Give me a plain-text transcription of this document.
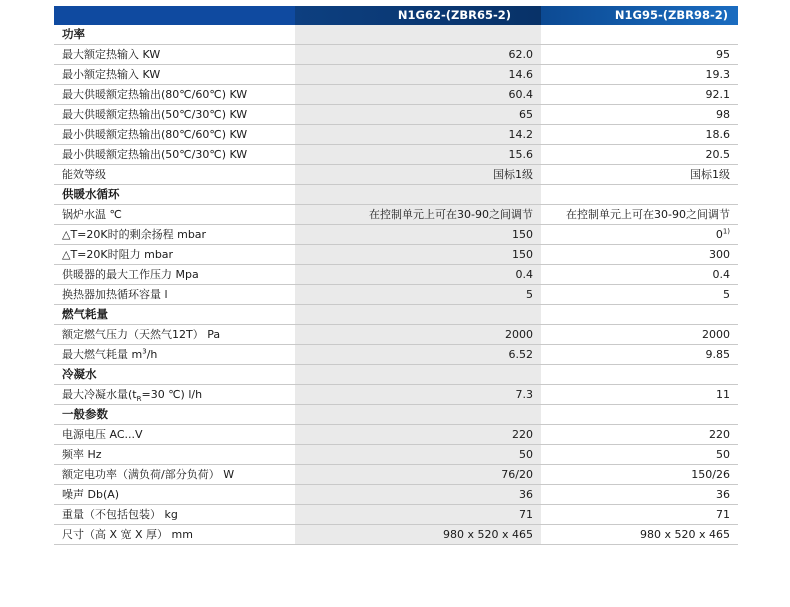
	N1G62-(ZBR65-2)	N1G95-(ZBR98-2)
功率		
最大额定热输入 KW	62.0	95
最小额定热输入 KW	14.6	19.3
最大供暖额定热输出(80℃/60℃) KW	60.4	92.1
最大供暖额定热输出(50℃/30℃) KW	65	98
最小供暖额定热输出(80℃/60℃) KW	14.2	18.6
最小供暖额定热输出(50℃/30℃) KW	15.6	20.5
能效等级	国标1级	国标1级
供暖水循环		
锅炉水温 ℃	在控制单元上可在30-90之间调节	在控制单元上可在30-90之间调节
△T=20K时的剩余扬程 mbar	150	0$^{1)}$
△T=20K时阻力 mbar	150	300
供暖器的最大工作压力 Mpa	0.4	0.4
换热器加热循环容量 l	5	5
燃气耗量		
额定燃气压力（天然气12T） Pa	2000	2000
最大燃气耗量 $m^3/h$	6.52	9.85
冷凝水		
最大冷凝水量($t_R=30$ ℃) l/h	7.3	11
一般参数		
电源电压 AC...V	220	220
频率 Hz	50	50
额定电功率（满负荷/部分负荷） W	76/20	150/26
噪声 Db(A)	36	36
重量（不包括包装） kg	71	71
尺寸（高 X 宽 X 厚） mm	980 x 520 x 465	980 x 520 x 465
